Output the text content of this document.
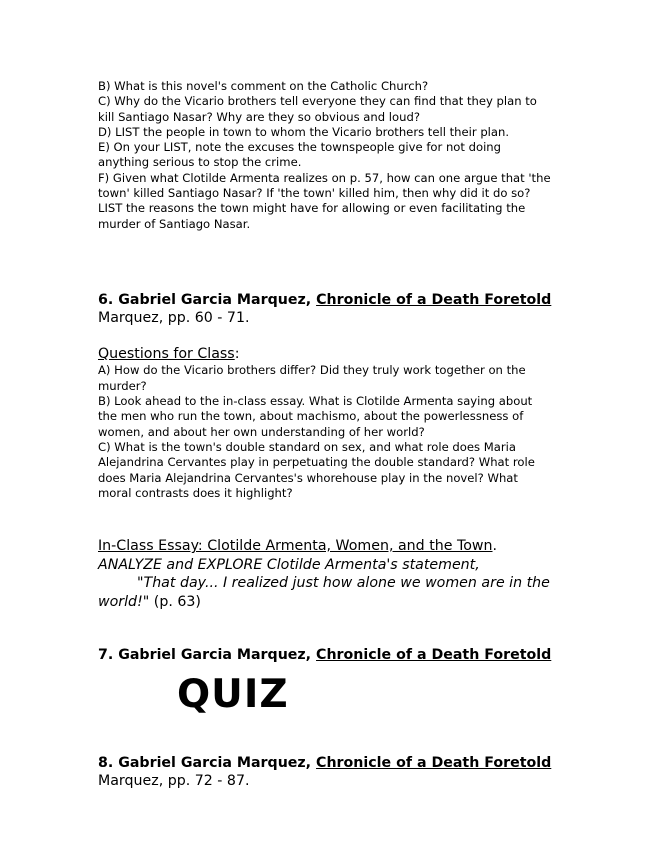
B) What is this novel's comment on the Catholic Church?

C) Why do the Vicario brothers tell everyone they can find that they plan to

kill Santiago Nasar? Why are they so obvious and loud?

D) LIST the people in town to whom the Vicario brothers tell their plan.

E) On your LIST, note the excuses the townspeople give for not doing

anything serious to stop the crime.

F) Given what Clotilde Armenta realizes on p. 57, how can one argue that 'the

town' killed Santiago Nasar? If 'the town' killed him, then why did it do so?

LIST the reasons the town might have for allowing or even facilitating the

murder of Santiago Nasar.

6. Gabriel Garcia Marquez, Chronicle of a Death Foretold

Marquez, pp. 60 - 71.
Questions for Class:

A) How do the Vicario brothers differ? Did they truly work together on the

murder?

B) Look ahead to the in-class essay. What is Clotilde Armenta saying about

the men who run the town, about machismo, about the powerlessness of

women, and about her own understanding of her world?

C) What is the town's double standard on sex, and what role does Maria

Alejandrina Cervantes play in perpetuating the double standard? What role

does Maria Alejandrina Cervantes's whorehouse play in the novel? What

moral contrasts does it highlight?

In-Class Essay: Clotilde Armenta, Women, and the Town.
ANALYZE and EXPLORE Clotilde Armenta's statement,
"That day... I realized just how alone we women are in the
world!" (p. 63)

7. Gabriel Garcia Marquez, Chronicle of a Death Foretold

QUIZ

8. Gabriel Garcia Marquez, Chronicle of a Death Foretold

Marquez, pp. 72 - 87.
